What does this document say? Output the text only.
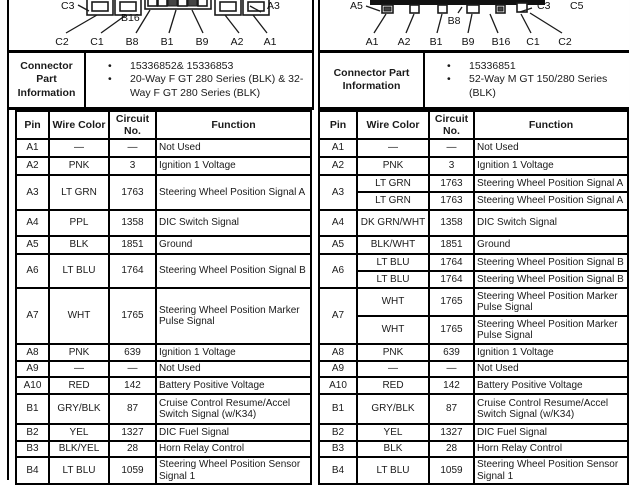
C3	A3
B16
C2 C1 B8 B1 B9 A2 A1
Connector Part Information
•	15336852& 15336853
•	20-Way F GT 280 Series (BLK) & 32-Way F GT 280 Series (BLK)
Pin	Wire Color	Circuit No.	Function
A1	—	—	Not Used
A2	PNK	3	Ignition 1 Voltage
A3	LT GRN	1763	Steering Wheel Position Signal A
A4	PPL	1358	DIC Switch Signal
A5	BLK	1851	Ground
A6	LT BLU	1764	Steering Wheel Position Signal B
A7	WHT	1765	Steering Wheel Position Marker Pulse Signal
A8	PNK	639	Ignition 1 Voltage
A9	—	—	Not Used
A10	RED	142	Battery Positive Voltage
B1	GRY/BLK	87	Cruise Control Resume/Accel Switch Signal (w/K34)
B2	YEL	1327	DIC Fuel Signal
B3	BLK/YEL	28	Horn Relay Control
B4	LT BLU	1059	Steering Wheel Position Sensor Signal 1
A5	C3 C5
B8
A1 A2 B1 B9 B16 C1 C2
Connector Part Information
•	15336851
•	52-Way M GT 150/280 Series (BLK)
Pin	Wire Color	Circuit No.	Function
A1	—	—	Not Used
A2	PNK	3	Ignition 1 Voltage
A3	LT GRN	1763	Steering Wheel Position Signal A
	LT GRN	1763	Steering Wheel Position Signal A
A4	DK GRN/WHT	1358	DIC Switch Signal
A5	BLK/WHT	1851	Ground
A6	LT BLU	1764	Steering Wheel Position Signal B
	LT BLU	1764	Steering Wheel Position Signal B
A7	WHT	1765	Steering Wheel Position Marker Pulse Signal
	WHT	1765	Steering Wheel Position Marker Pulse Signal
A8	PNK	639	Ignition 1 Voltage
A9	—	—	Not Used
A10	RED	142	Battery Positive Voltage
B1	GRY/BLK	87	Cruise Control Resume/Accel Switch Signal (w/K34)
B2	YEL	1327	DIC Fuel Signal
B3	BLK	28	Horn Relay Control
B4	LT BLU	1059	Steering Wheel Position Sensor Signal 1
